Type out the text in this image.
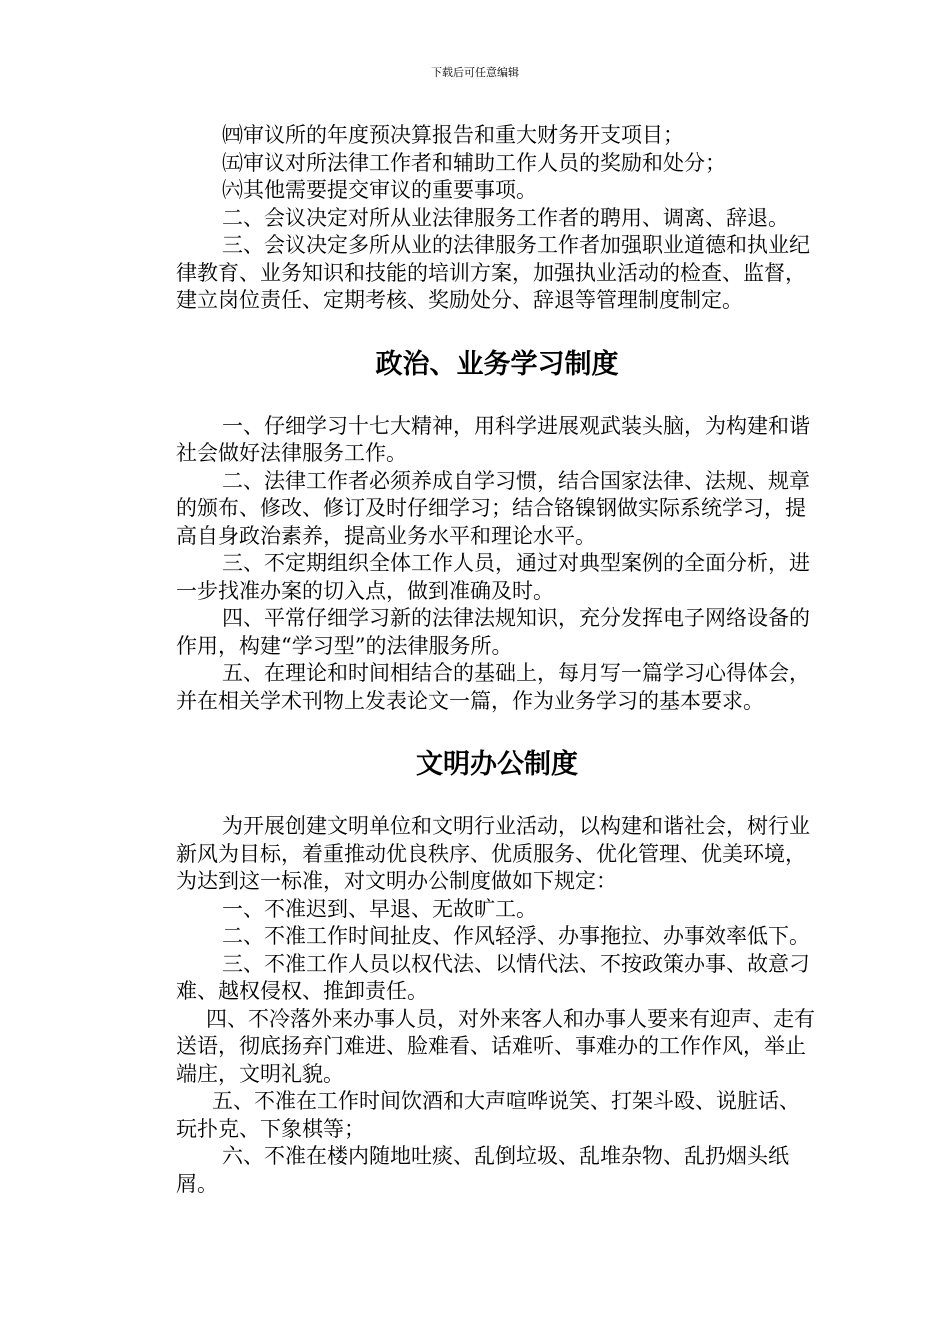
下载后可任意编辑

㈣审议所的年度预决算报告和重大财务开支项目；

㈤审议对所法律工作者和辅助工作人员的奖励和处分；

㈥其他需要提交审议的重要事项。

二、会议决定对所从业法律服务工作者的聘用、调离、辞退。

三、会议决定多所从业的法律服务工作者加强职业道德和执业纪律教育、业务知识和技能的培训方案，加强执业活动的检查、监督，建立岗位责任、定期考核、奖励处分、辞退等管理制度制定。

政治、业务学习制度

一、仔细学习十七大精神，用科学进展观武装头脑，为构建和谐社会做好法律服务工作。

二、法律工作者必须养成自学习惯，结合国家法律、法规、规章的颁布、修改、修订及时仔细学习；结合铬镍钢做实际系统学习，提高自身政治素养，提高业务水平和理论水平。

三、不定期组织全体工作人员，通过对典型案例的全面分析，进一步找准办案的切入点，做到准确及时。

四、平常仔细学习新的法律法规知识，充分发挥电子网络设备的作用，构建“学习型”的法律服务所。

五、在理论和时间相结合的基础上，每月写一篇学习心得体会，并在相关学术刊物上发表论文一篇，作为业务学习的基本要求。

文明办公制度

为开展创建文明单位和文明行业活动，以构建和谐社会，树行业新风为目标，着重推动优良秩序、优质服务、优化管理、优美环境，为达到这一标准，对文明办公制度做如下规定：

一、不准迟到、早退、无故旷工。

二、不准工作时间扯皮、作风轻浮、办事拖拉、办事效率低下。

三、不准工作人员以权代法、以情代法、不按政策办事、故意刁难、越权侵权、推卸责任。

四、不冷落外来办事人员，对外来客人和办事人要来有迎声、走有送语，彻底扬弃门难进、脸难看、话难听、事难办的工作作风，举止端庄，文明礼貌。

五、不准在工作时间饮酒和大声喧哗说笑、打架斗殴、说脏话、玩扑克、下象棋等；

六、不准在楼内随地吐痰、乱倒垃圾、乱堆杂物、乱扔烟头纸屑。
